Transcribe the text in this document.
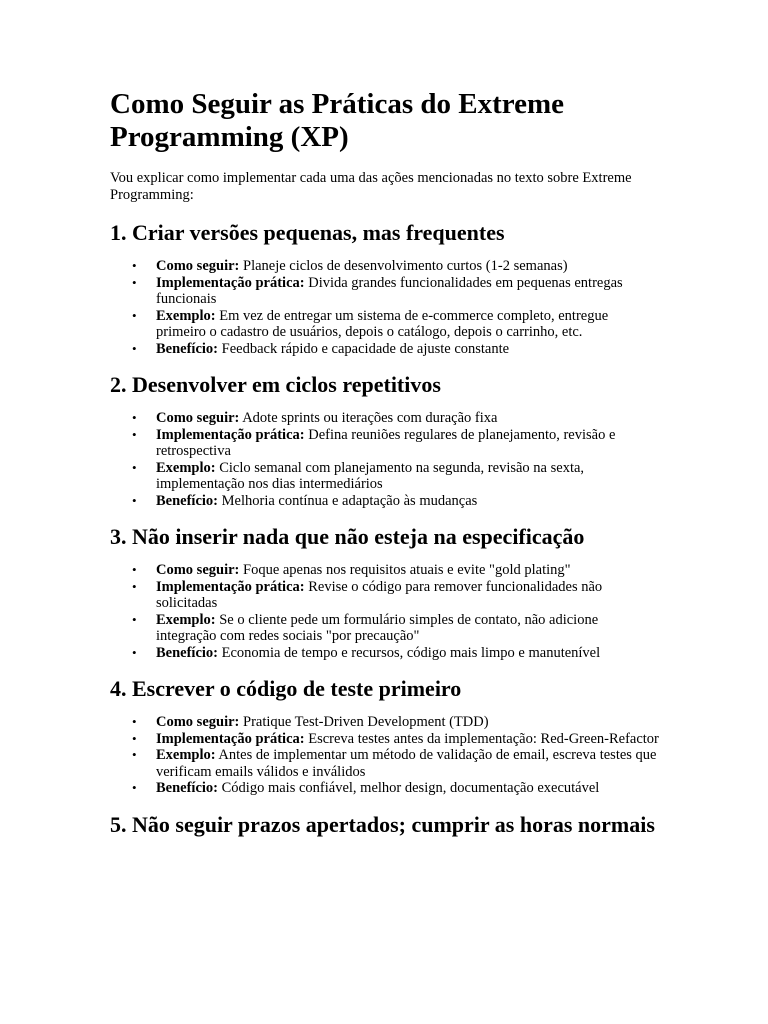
Como Seguir as Práticas do Extreme Programming (XP)

Vou explicar como implementar cada uma das ações mencionadas no texto sobre Extreme Programming:

1. Criar versões pequenas, mas frequentes
• Como seguir: Planeje ciclos de desenvolvimento curtos (1-2 semanas)
• Implementação prática: Divida grandes funcionalidades em pequenas entregas funcionais
• Exemplo: Em vez de entregar um sistema de e-commerce completo, entregue primeiro o cadastro de usuários, depois o catálogo, depois o carrinho, etc.
• Benefício: Feedback rápido e capacidade de ajuste constante
2. Desenvolver em ciclos repetitivos
• Como seguir: Adote sprints ou iterações com duração fixa
• Implementação prática: Defina reuniões regulares de planejamento, revisão e retrospectiva
• Exemplo: Ciclo semanal com planejamento na segunda, revisão na sexta, implementação nos dias intermediários
• Benefício: Melhoria contínua e adaptação às mudanças
3. Não inserir nada que não esteja na especificação
• Como seguir: Foque apenas nos requisitos atuais e evite "gold plating"
• Implementação prática: Revise o código para remover funcionalidades não solicitadas
• Exemplo: Se o cliente pede um formulário simples de contato, não adicione integração com redes sociais "por precaução"
• Benefício: Economia de tempo e recursos, código mais limpo e manutenível
4. Escrever o código de teste primeiro
• Como seguir: Pratique Test-Driven Development (TDD)
• Implementação prática: Escreva testes antes da implementação: Red-Green-Refactor
• Exemplo: Antes de implementar um método de validação de email, escreva testes que verificam emails válidos e inválidos
• Benefício: Código mais confiável, melhor design, documentação executável
5. Não seguir prazos apertados; cumprir as horas normais
